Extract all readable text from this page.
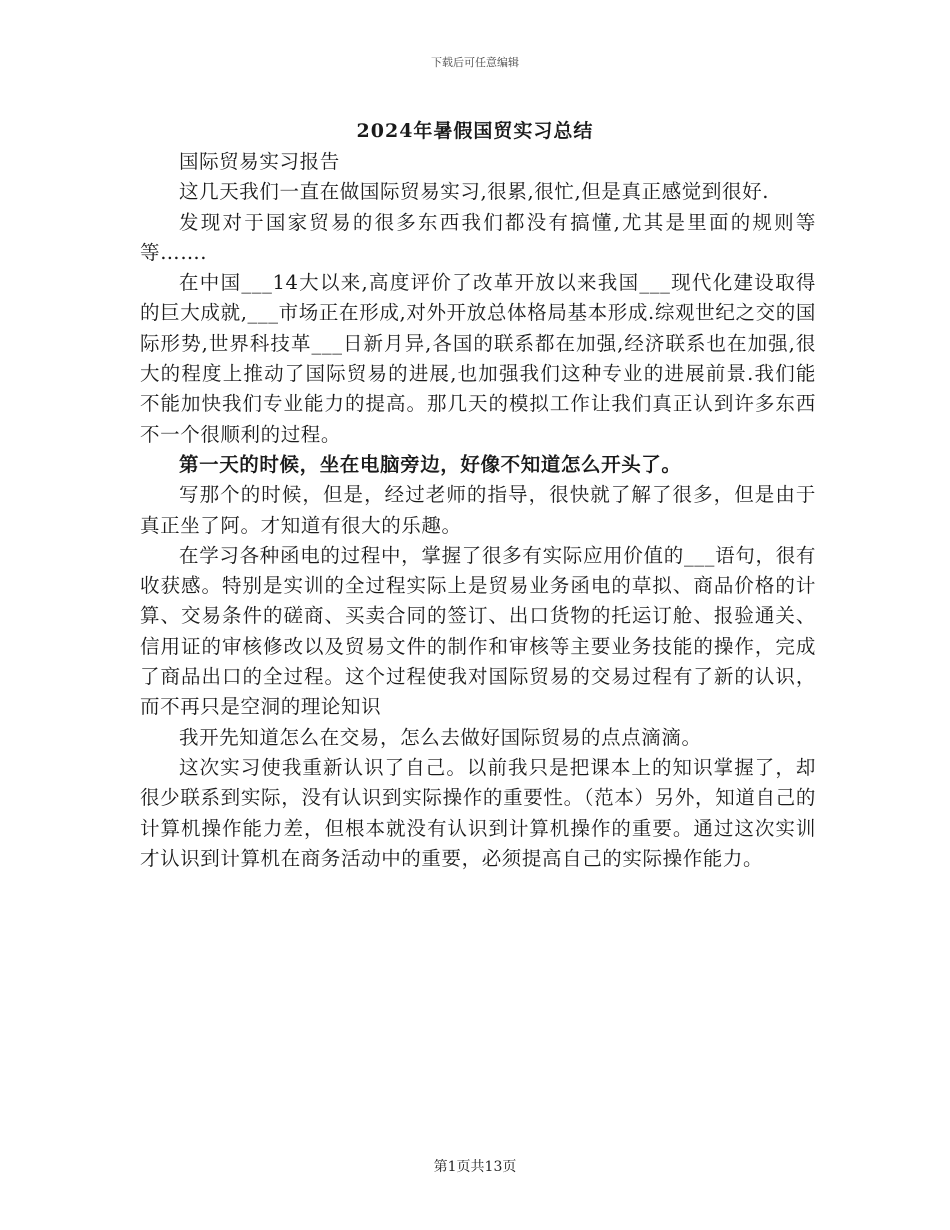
下载后可任意编辑
2024年暑假国贸实习总结

国际贸易实习报告

这几天我们一直在做国际贸易实习,很累,很忙,但是真正感觉到很好.

发现对于国家贸易的很多东西我们都没有搞懂,尤其是里面的规则等等…….

在中国___14大以来,高度评价了改革开放以来我国___现代化建设取得的巨大成就,___市场正在形成,对外开放总体格局基本形成.综观世纪之交的国际形势,世界科技革___日新月异,各国的联系都在加强,经济联系也在加强,很大的程度上推动了国际贸易的进展,也加强我们这种专业的进展前景.我们能不能加快我们专业能力的提高。那几天的模拟工作让我们真正认到许多东西不一个很顺利的过程。

第一天的时候，坐在电脑旁边，好像不知道怎么开头了。

写那个的时候，但是，经过老师的指导，很快就了解了很多，但是由于真正坐了阿。才知道有很大的乐趣。

在学习各种函电的过程中，掌握了很多有实际应用价值的___语句，很有收获感。特别是实训的全过程实际上是贸易业务函电的草拟、商品价格的计算、交易条件的磋商、买卖合同的签订、出口货物的托运订舱、报验通关、信用证的审核修改以及贸易文件的制作和审核等主要业务技能的操作，完成了商品出口的全过程。这个过程使我对国际贸易的交易过程有了新的认识，而不再只是空洞的理论知识

我开先知道怎么在交易，怎么去做好国际贸易的点点滴滴。

这次实习使我重新认识了自己。以前我只是把课本上的知识掌握了，却很少联系到实际，没有认识到实际操作的重要性。（范本）另外，知道自己的计算机操作能力差，但根本就没有认识到计算机操作的重要。通过这次实训才认识到计算机在商务活动中的重要，必须提高自己的实际操作能力。

第1页共13页
